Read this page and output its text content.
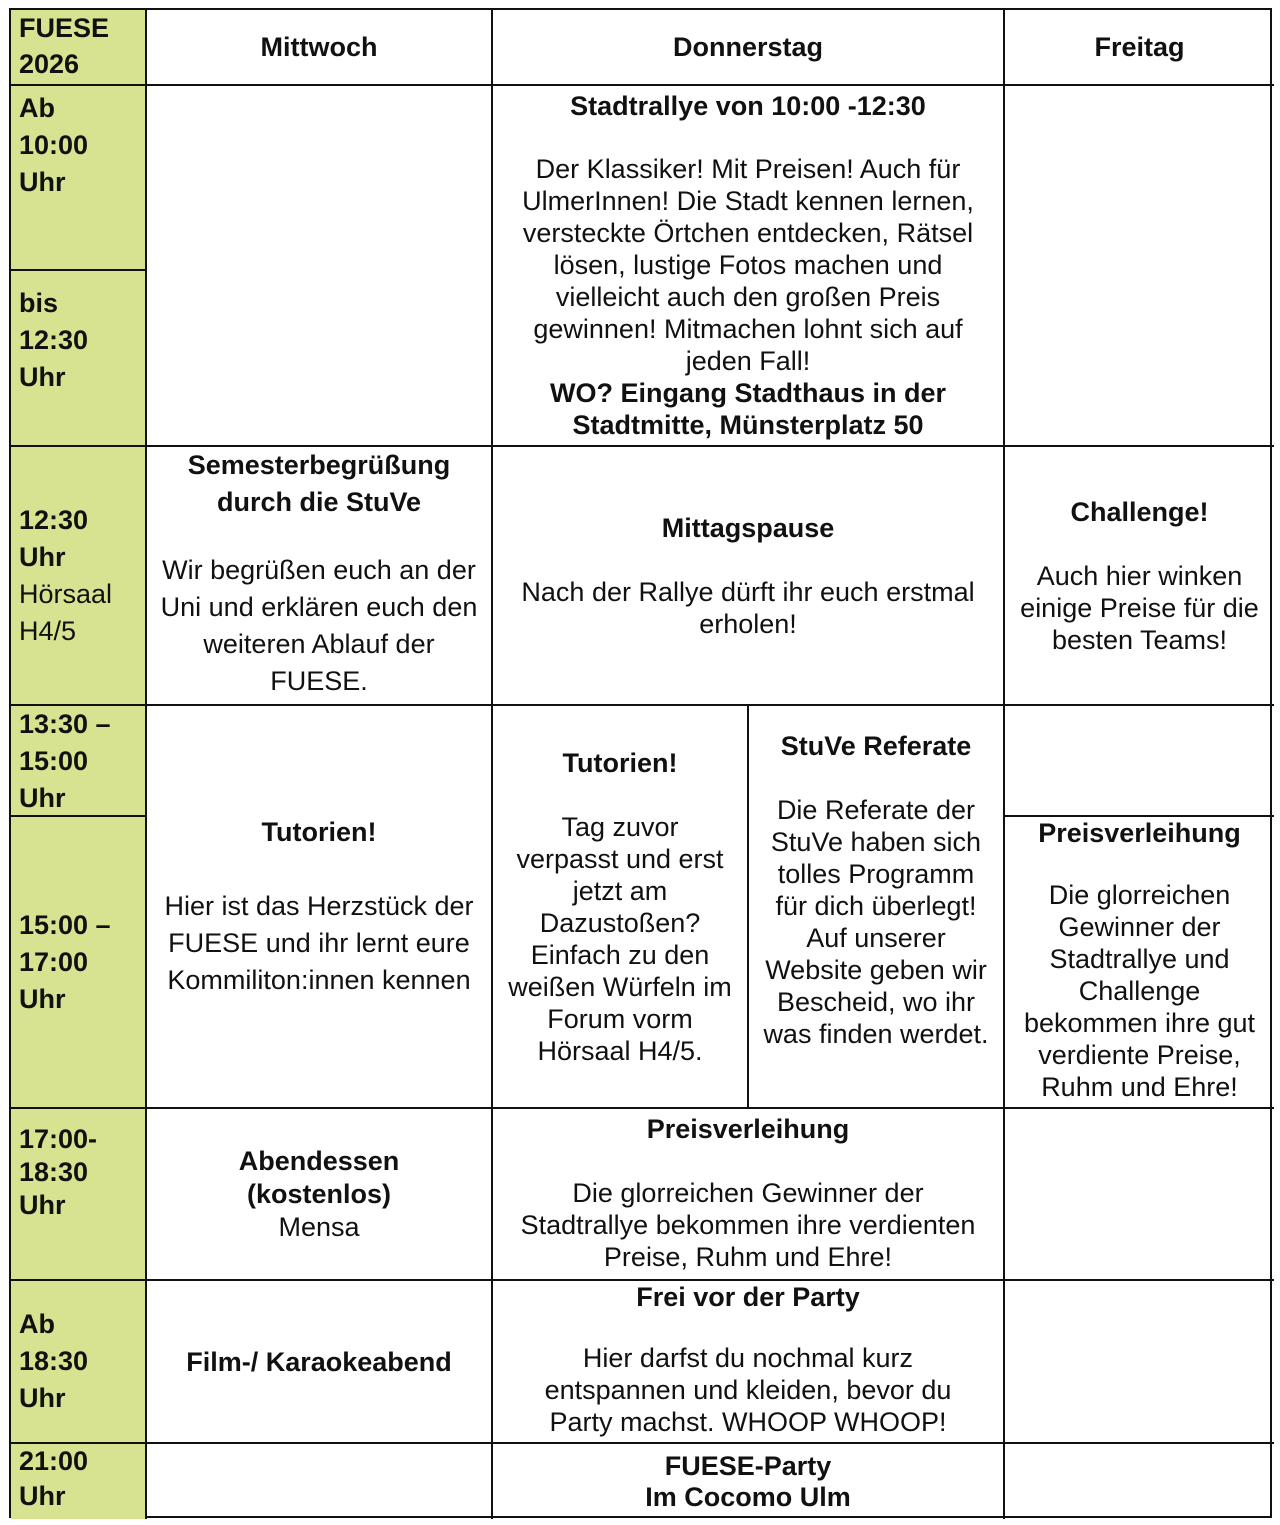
FUESE
2026
Mittwoch	Donnerstag	Freitag
Ab
10:00
Uhr
bis
12:30
Uhr
Stadtrallye von 10:00 -12:30
Der Klassiker! Mit Preisen! Auch für UlmerInnen! Die Stadt kennen lernen, versteckte Örtchen entdecken, Rätsel lösen, lustige Fotos machen und vielleicht auch den großen Preis gewinnen! Mitmachen lohnt sich auf jeden Fall!
WO? Eingang Stadthaus in der Stadtmitte, Münsterplatz 50
12:30
Uhr
Hörsaal
H4/5
Semesterbegrüßung durch die StuVe
Wir begrüßen euch an der Uni und erklären euch den weiteren Ablauf der FUESE.
Mittagspause
Nach der Rallye dürft ihr euch erstmal erholen!
Challenge!
Auch hier winken einige Preise für die besten Teams!
13:30 –
15:00
Uhr
15:00 –
17:00
Uhr
Tutorien!
Hier ist das Herzstück der FUESE und ihr lernt eure Kommiliton:innen kennen
Tutorien!
Tag zuvor verpasst und erst jetzt am Dazustoßen? Einfach zu den weißen Würfeln im Forum vorm Hörsaal H4/5.
StuVe Referate
Die Referate der StuVe haben sich tolles Programm für dich überlegt! Auf unserer Website geben wir Bescheid, wo ihr was finden werdet.
Preisverleihung
Die glorreichen Gewinner der Stadtrallye und Challenge bekommen ihre gut verdiente Preise, Ruhm und Ehre!
17:00-
18:30
Uhr
Abendessen (kostenlos)
Mensa
Preisverleihung
Die glorreichen Gewinner der Stadtrallye bekommen ihre verdienten Preise, Ruhm und Ehre!
Ab
18:30
Uhr
Film-/ Karaokeabend
Frei vor der Party
Hier darfst du nochmal kurz entspannen und kleiden, bevor du Party machst. WHOOP WHOOP!
21:00
Uhr
FUESE-Party
Im Cocomo Ulm
